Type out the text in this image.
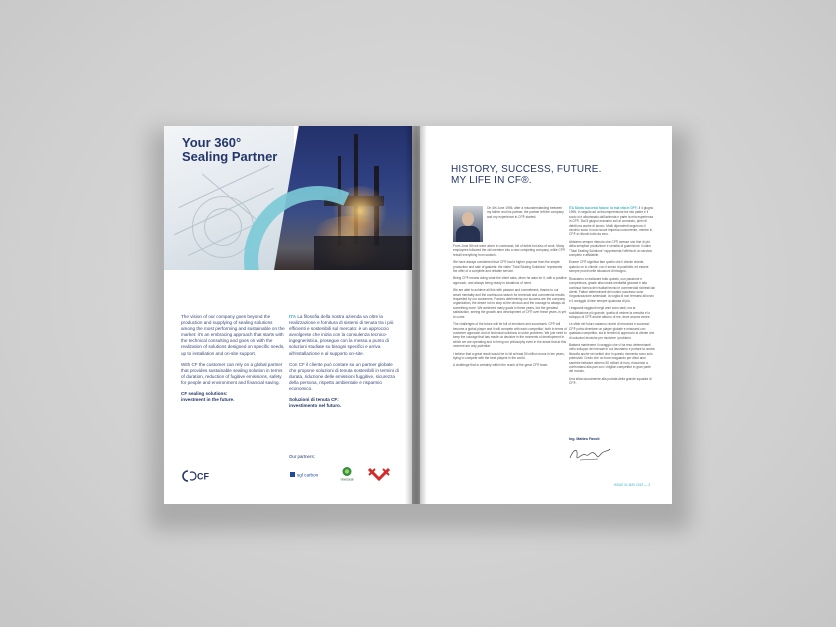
Your 360°
Sealing Partner

The vision of our company goes beyond the production and supplying of sealing solutions among the most performing and sustainable on the market: it's an embracing approach that starts with the technical consulting and goes on with the realization of solutions designed on specific needs, up to installation and on-site support.

With CF the customer can rely on a global partner that provides sustainable sealing solution in terms of duration, reduction of fugitive emissions, safety for people and environment and financial saving.

CF sealing solutions:
investment in the future.

ITA La filosofia della nostra azienda va oltre la realizzazione e fornitura di sistemi di tenuta tra i più efficienti e sostenibili sul mercato: è un approccio avvolgente che inizia con la consulenza tecnico-ingegneristica, prosegue con la messa a punto di soluzioni studiate su bisogni specifici e arriva all'installazione e al supporto on-site.

Con CF il cliente può contare su un partner globale che propone soluzioni di tenuta sostenibili in termini di durata, riduzione delle emissioni fuggitive, sicurezza della persona, rispetto ambientale e risparmio economico.

Soluzioni di tenuta CF:
investimento nel futuro.

CF
Our partners:
sgl carbon
revoseal
HISTORY, SUCCESS, FUTURE.
MY LIFE IN CF®.

On 4th June 1996, after a misunderstanding between my father and his partner, the partner left the company and my experience in CF® started.

From June 5th we were alone in command, full of debts but also of work. Many employees followed the old member into a new competing company, while CF® rebuilt everything from scratch.

We have always considered that CF® had a higher purpose than the simple production and sale of gaskets: the claim "Total Sealing Solutions" represents the offer of a complete and reliable service.

Being CF® means doing what the client asks, when he asks for it, with a positive approach, and always being ready in situations of need.

We are able to achieve all this with passion and commitment, thanks to our smart mentality and the continuous search for technical and commercial results requested by our customers. Factors determining our success are the company organization, the desire not to stop at the obvious and the courage to always do something more. We achieved many goals in these years, but the greatest satisfaction, seeing the growth and development of CF® over these years, is yet to come.

The challenges of the future will be full of emotions and successes: CF® will become a global player and it will compete with each competitor, both in terms of customer approach and of technical solutions to solve problems. We just need to keep the courage that has made us decisive in the moments of development in which we are operating and to bring our philosophy even in the areas that at this moment are only potential.

I believe that a great result would be to hit at least 50 million euros in ten years, trying to compete with the best players in the world.

A challenge that is certainly within the reach of the great CF® team.

ITA Storia successi futuro: la mia vita in CF®. Il 4 giugno 1996, in seguito ad un'incomprensione tra mio padre e il socio si è allontanato dall'azienda e parte la mia esperienza in CF®. Dal 5 giugno eravamo soli al comando, pieni di debiti ma anche di lavoro. Molti dipendenti seguirono il vecchio socio in una nuova impresa concorrente, mentre in CF® si rifondò tutto da zero.

Abbiamo sempre ritenuto che CF® avesse uno fine di più della semplice produzione e vendita di guarnizioni: il claim "Total Sealing Solutions" rappresenta l'offerta di un servizio completo e affidabile.

Essere CF® significa fare quello che il cliente chiede, quando ce lo chiede, con il senso di positività, ed essere sempre pronti nelle situazioni di bisogno.

Riusciamo a realizzare tutto questo, con passione e competenza, grazie alla nostra mentalità giovane e alla continua ricerca dei risultati tecnici e commerciali richiesti dai clienti. Fattori determinanti del nostro successo sono l'organizzazione aziendale, la voglia di non fermarsi all'ovvio e il coraggio di fare sempre qualcosa di più.

I traguardi raggiunti negli anni sono tanti, ma la soddisfazione più grande, quella di vedere la crescita e lo sviluppo di CF® anche attorno di me, deve ancora venire.

Le sfide del futuro saranno ricche di emozioni e successi: CF® potrà diventare un player globale e misurarsi con qualsiasi competitor, sia in termini di approccio al cliente che di soluzioni tecniche per risolvere i problemi.

Basterà mantenere il coraggio che ci ha reso determinanti nello sviluppo dei mercati in cui lavoriamo e portare la nostra filosofia anche nei settori che in questo momento sono solo potenziali. Credo che un buon traguardo per dieci anni sarebbe fatturare almeno 50 milioni di euro, riuscendo a confrontarsi alla pari con i migliori competitor in gran parte del mondo.

Una sfida sicuramente alla portata della grande squadra di CF®.

Ing. Matteo Favoti
ISSUE 01 MAY 2019 — 3
